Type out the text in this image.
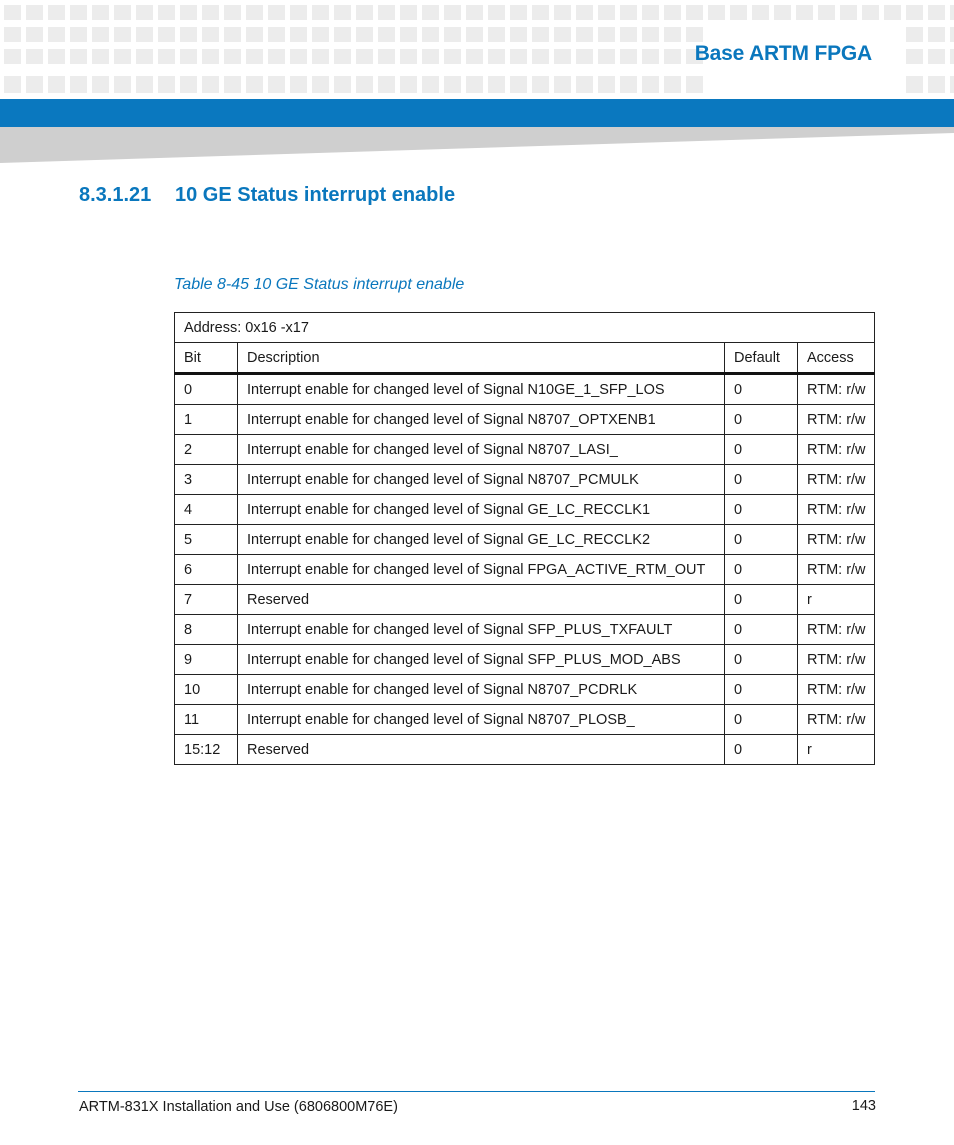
Base ARTM FPGA
8.3.1.21 10 GE Status interrupt enable
Table 8-45 10 GE Status interrupt enable
Address: 0x16 -x17			
Bit	Description	Default	Access
0	Interrupt enable for changed level of Signal N10GE_1_SFP_LOS	0	RTM: r/w
1	Interrupt enable for changed level of Signal N8707_OPTXENB1	0	RTM: r/w
2	Interrupt enable for changed level of Signal N8707_LASI_	0	RTM: r/w
3	Interrupt enable for changed level of Signal N8707_PCMULK	0	RTM: r/w
4	Interrupt enable for changed level of Signal GE_LC_RECCLK1	0	RTM: r/w
5	Interrupt enable for changed level of Signal GE_LC_RECCLK2	0	RTM: r/w
6	Interrupt enable for changed level of Signal FPGA_ACTIVE_RTM_OUT	0	RTM: r/w
7	Reserved	0	r
8	Interrupt enable for changed level of Signal SFP_PLUS_TXFAULT	0	RTM: r/w
9	Interrupt enable for changed level of Signal SFP_PLUS_MOD_ABS	0	RTM: r/w
10	Interrupt enable for changed level of Signal N8707_PCDRLK	0	RTM: r/w
11	Interrupt enable for changed level of Signal N8707_PLOSB_	0	RTM: r/w
15:12	Reserved	0	r
ARTM-831X Installation and Use (6806800M76E)	143
